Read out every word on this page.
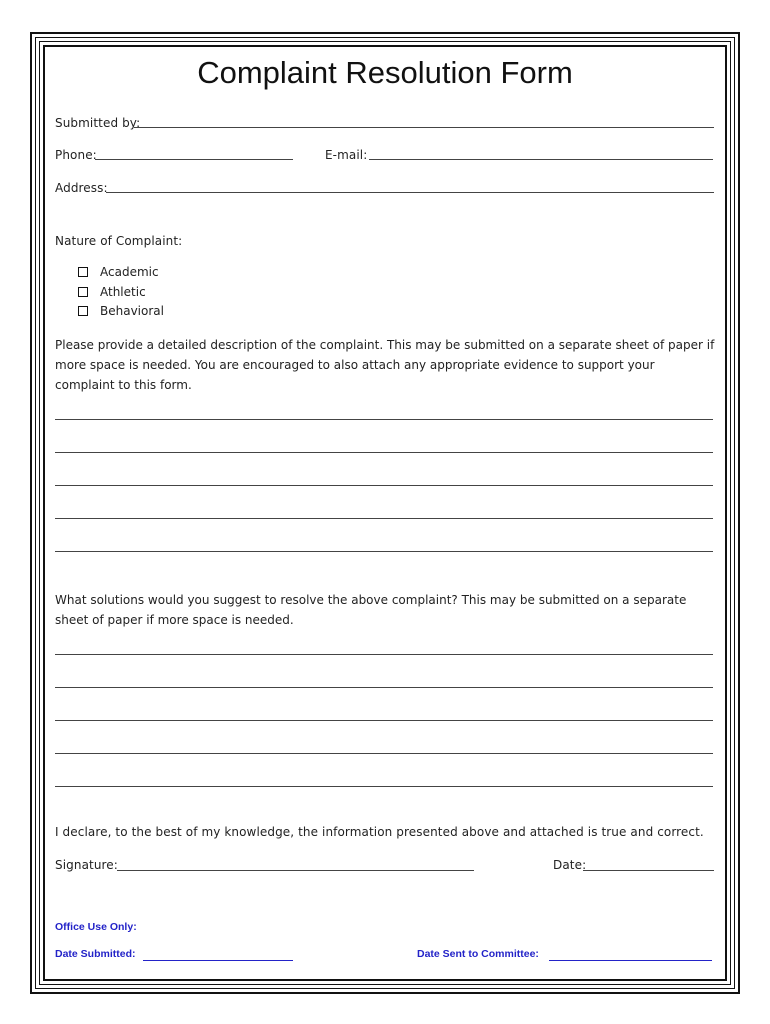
Complaint Resolution Form
Submitted by:
Phone:	E-mail:
Address:
Nature of Complaint:
Academic
Athletic
Behavioral
Please provide a detailed description of the complaint. This may be submitted on a separate sheet of paper if more space is needed. You are encouraged to also attach any appropriate evidence to support your complaint to this form.
What solutions would you suggest to resolve the above complaint? This may be submitted on a separate sheet of paper if more space is needed.
I declare, to the best of my knowledge, the information presented above and attached is true and correct.
Signature:	Date:
Office Use Only:
Date Submitted:	Date Sent to Committee:
